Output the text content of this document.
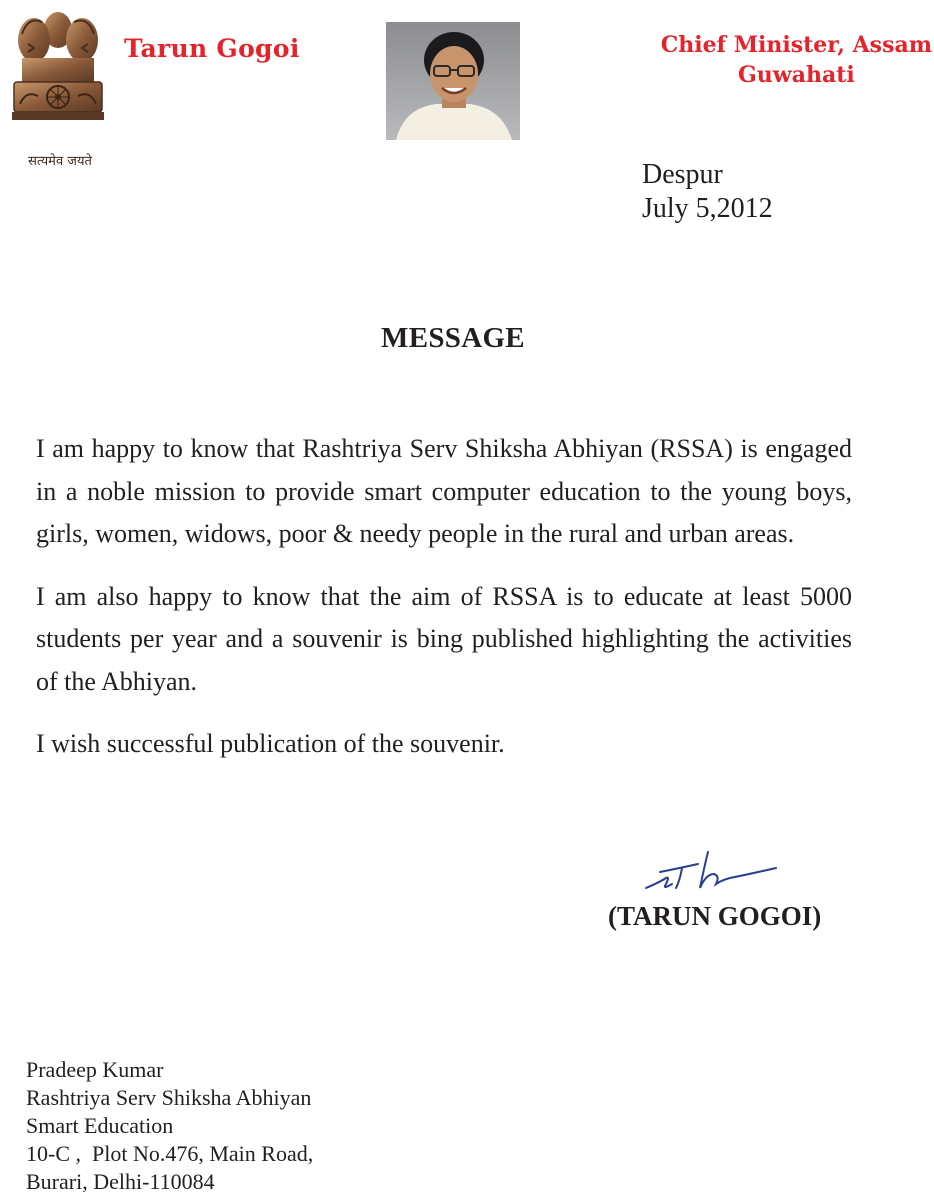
सत्यमेव जयते
Tarun Gogoi	Chief Minister, Assam
Guwahati
Despur
July 5,2012
MESSAGE

I am happy to know that Rashtriya Serv Shiksha Abhiyan (RSSA) is engaged in a noble mission to provide smart computer education to the young boys, girls, women, widows, poor & needy people in the rural and urban areas.

I am also happy to know that the aim of RSSA is to educate at least 5000 students per year and a souvenir is bing published highlighting the activities of the Abhiyan.

I wish successful publication of the souvenir.

(TARUN GOGOI)
Pradeep Kumar
Rashtriya Serv Shiksha Abhiyan
Smart Education
10-C ,  Plot No.476, Main Road,
Burari, Delhi-110084
